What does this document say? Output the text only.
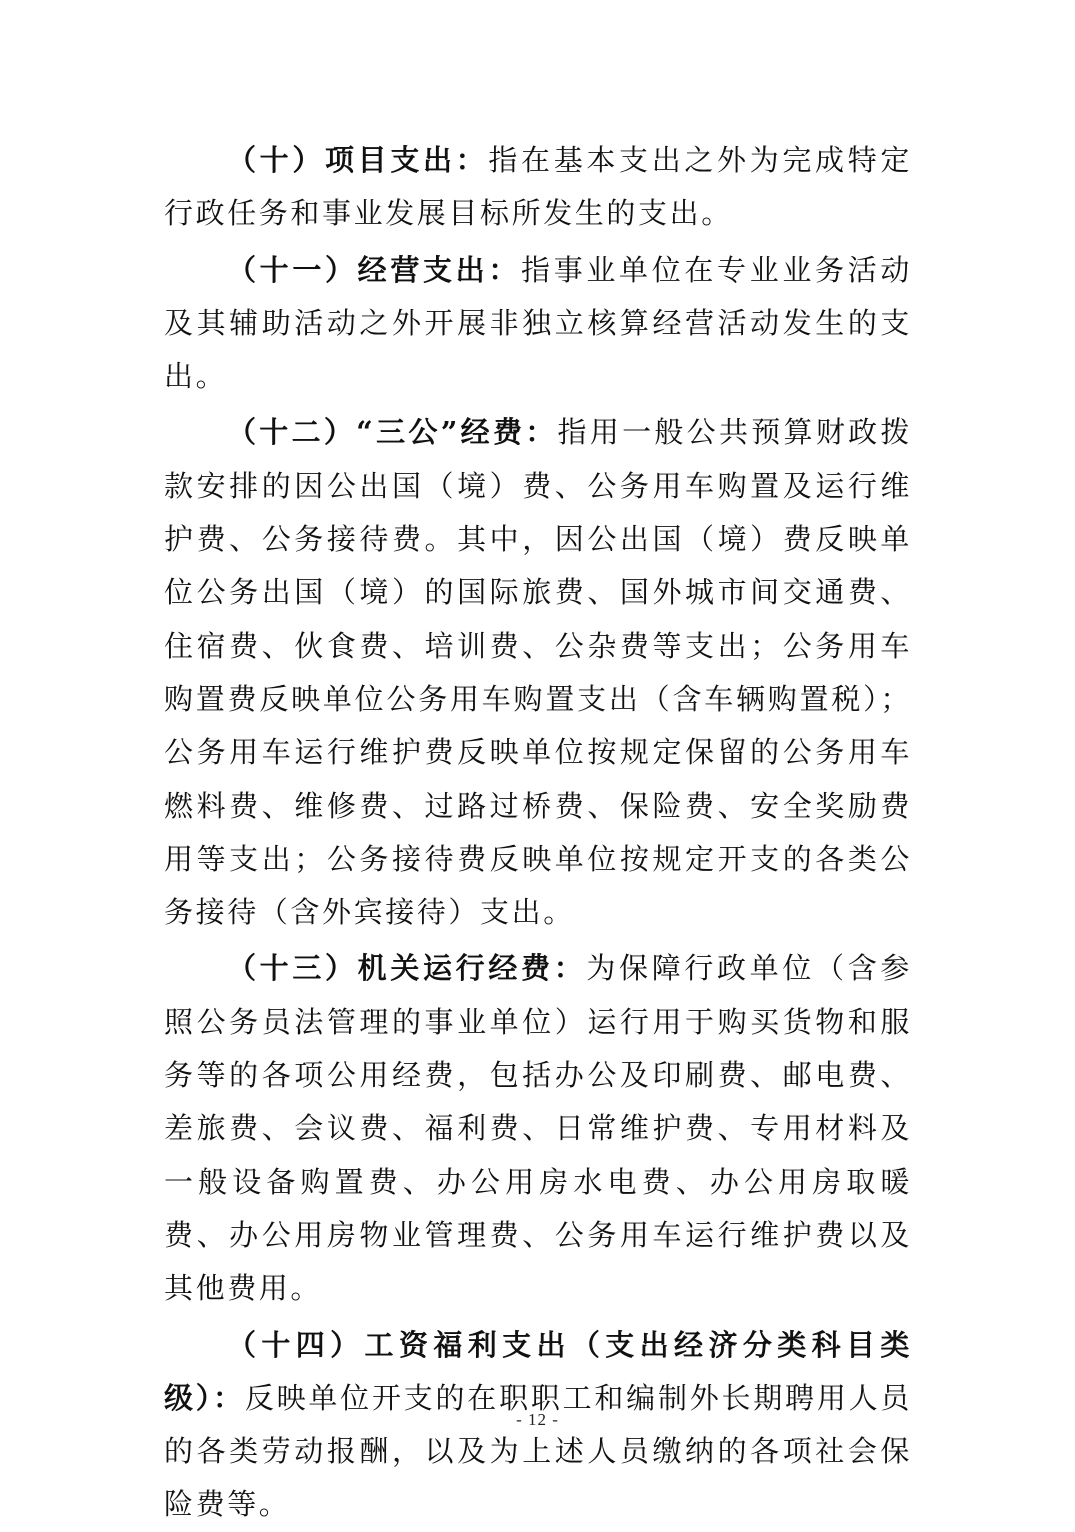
（十）项目支出：指在基本支出之外为完成特定行政任务和事业发展目标所发生的支出。

（十一）经营支出：指事业单位在专业业务活动及其辅助活动之外开展非独立核算经营活动发生的支出。

（十二）“三公”经费：指用一般公共预算财政拨款安排的因公出国（境）费、公务用车购置及运行维护费、公务接待费。其中，因公出国（境）费反映单位公务出国（境）的国际旅费、国外城市间交通费、住宿费、伙食费、培训费、公杂费等支出；公务用车购置费反映单位公务用车购置支出（含车辆购置税）；公务用车运行维护费反映单位按规定保留的公务用车燃料费、维修费、过路过桥费、保险费、安全奖励费用等支出；公务接待费反映单位按规定开支的各类公务接待（含外宾接待）支出。

（十三）机关运行经费：为保障行政单位（含参照公务员法管理的事业单位）运行用于购买货物和服务等的各项公用经费，包括办公及印刷费、邮电费、差旅费、会议费、福利费、日常维护费、专用材料及一般设备购置费、办公用房水电费、办公用房取暖费、办公用房物业管理费、公务用车运行维护费以及其他费用。

（十四）工资福利支出（支出经济分类科目类级）：反映单位开支的在职职工和编制外长期聘用人员的各类劳动报酬，以及为上述人员缴纳的各项社会保险费等。

- 12 -
